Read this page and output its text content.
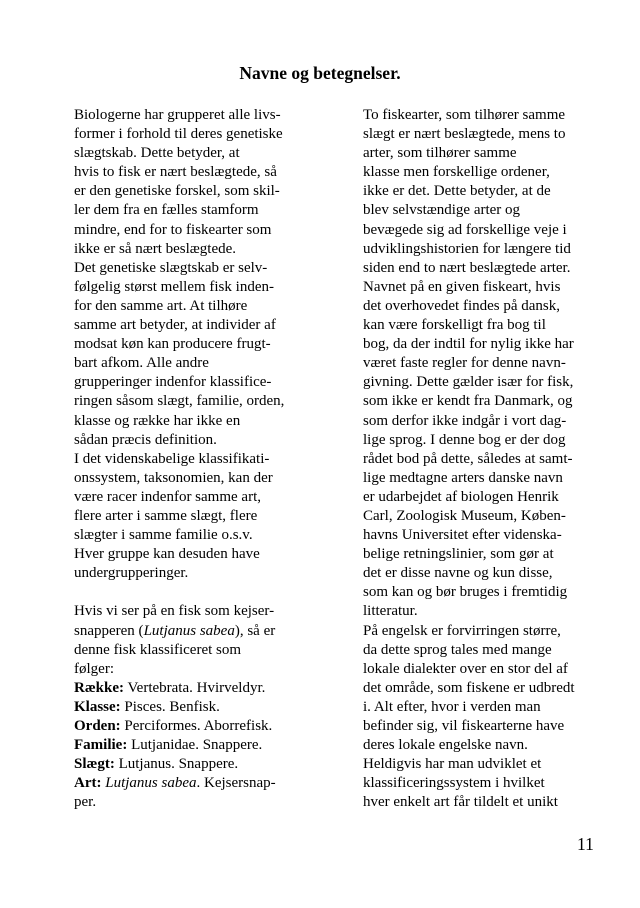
Navne og betegnelser.
Biologerne har grupperet alle livs-
former i forhold til deres genetiske
slægtskab. Dette betyder, at
hvis to fisk er nært beslægtede, så
er den genetiske forskel, som skil-
ler dem fra en fælles stamform
mindre, end for to fiskearter som
ikke er så nært beslægtede.
Det genetiske slægtskab er selv-
følgelig størst mellem fisk inden-
for den samme art. At tilhøre
samme art betyder, at individer af
modsat køn kan producere frugt-
bart afkom. Alle andre
grupperinger indenfor klassifice-
ringen såsom slægt, familie, orden,
klasse og række har ikke en
sådan præcis definition.
I det videnskabelige klassifikati-
onssystem, taksonomien, kan der
være racer indenfor samme art,
flere arter i samme slægt, flere
slægter i samme familie o.s.v.
Hver gruppe kan desuden have
undergrupperinger.
Hvis vi ser på en fisk som kejser-
snapperen (Lutjanus sabea), så er
denne fisk klassificeret som
følger:
Række: Vertebrata. Hvirveldyr.
Klasse: Pisces. Benfisk.
Orden: Perciformes. Aborrefisk.
Familie: Lutjanidae. Snappere.
Slægt: Lutjanus. Snappere.
Art: Lutjanus sabea. Kejsersnap-
per.
To fiskearter, som tilhører samme
slægt er nært beslægtede, mens to
arter, som tilhører samme
klasse men forskellige ordener,
ikke er det. Dette betyder, at de
blev selvstændige arter og
bevægede sig ad forskellige veje i
udviklingshistorien for længere tid
siden end to nært beslægtede arter.
Navnet på en given fiskeart, hvis
det overhovedet findes på dansk,
kan være forskelligt fra bog til
bog, da der indtil for nylig ikke har
været faste regler for denne navn-
givning. Dette gælder især for fisk,
som ikke er kendt fra Danmark, og
som derfor ikke indgår i vort dag-
lige sprog. I denne bog er der dog
rådet bod på dette, således at samt-
lige medtagne arters danske navn
er udarbejdet af biologen Henrik
Carl, Zoologisk Museum, Køben-
havns Universitet efter videnska-
belige retningslinier, som gør at
det er disse navne og kun disse,
som kan og bør bruges i fremtidig
litteratur.
På engelsk er forvirringen større,
da dette sprog tales med mange
lokale dialekter over en stor del af
det område, som fiskene er udbredt
i. Alt efter, hvor i verden man
befinder sig, vil fiskearterne have
deres lokale engelske navn.
Heldigvis har man udviklet et
klassificeringssystem i hvilket
hver enkelt art får tildelt et unikt
11
